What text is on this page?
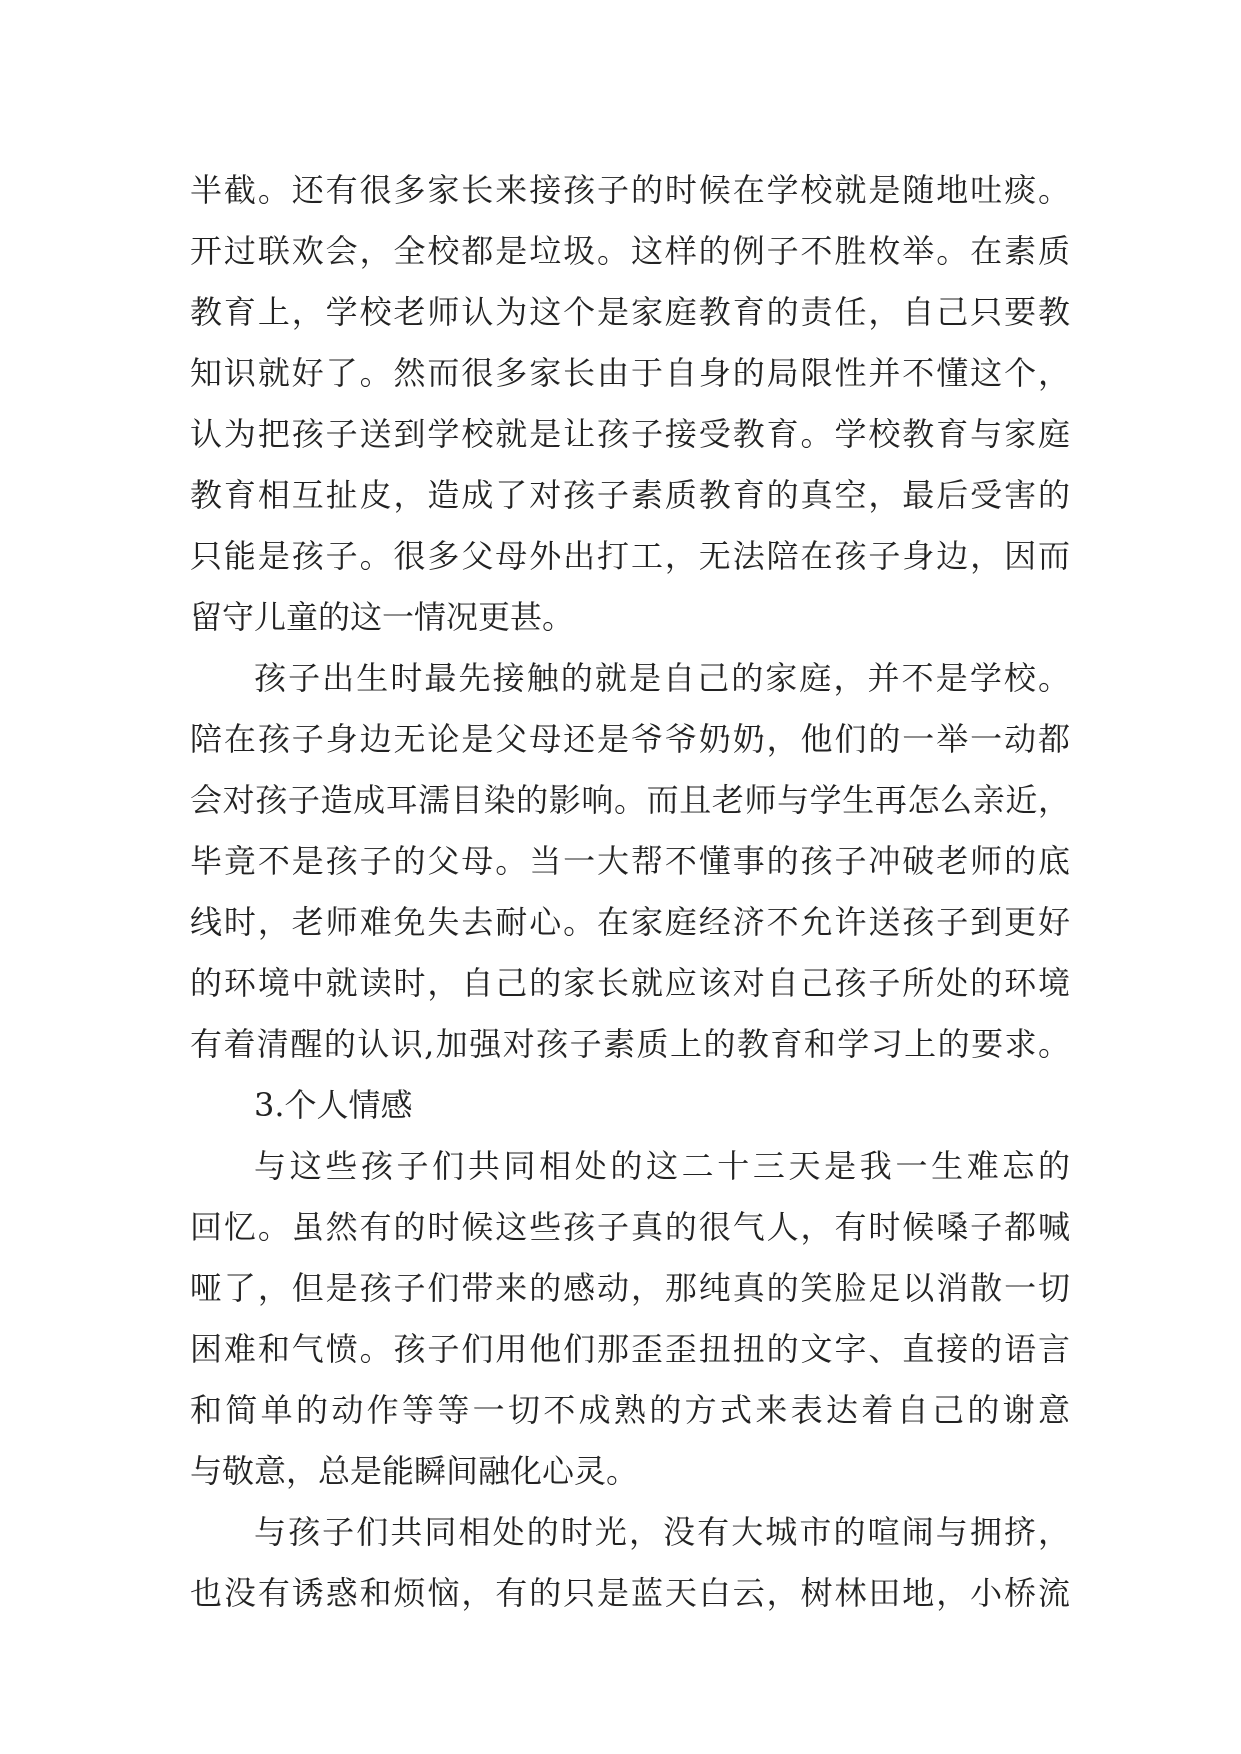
半截。还有很多家长来接孩子的时候在学校就是随地吐痰。
开过联欢会，全校都是垃圾。这样的例子不胜枚举。在素质
教育上，学校老师认为这个是家庭教育的责任，自己只要教
知识就好了。然而很多家长由于自身的局限性并不懂这个，
认为把孩子送到学校就是让孩子接受教育。学校教育与家庭
教育相互扯皮，造成了对孩子素质教育的真空，最后受害的
只能是孩子。很多父母外出打工，无法陪在孩子身边，因而
留守儿童的这一情况更甚。
孩子出生时最先接触的就是自己的家庭，并不是学校。
陪在孩子身边无论是父母还是爷爷奶奶，他们的一举一动都
会对孩子造成耳濡目染的影响。而且老师与学生再怎么亲近，
毕竟不是孩子的父母。当一大帮不懂事的孩子冲破老师的底
线时，老师难免失去耐心。在家庭经济不允许送孩子到更好
的环境中就读时，自己的家长就应该对自己孩子所处的环境
有着清醒的认识,加强对孩子素质上的教育和学习上的要求。
3.个人情感
与这些孩子们共同相处的这二十三天是我一生难忘的
回忆。虽然有的时候这些孩子真的很气人，有时候嗓子都喊
哑了，但是孩子们带来的感动，那纯真的笑脸足以消散一切
困难和气愤。孩子们用他们那歪歪扭扭的文字、直接的语言
和简单的动作等等一切不成熟的方式来表达着自己的谢意
与敬意，总是能瞬间融化心灵。
与孩子们共同相处的时光，没有大城市的喧闹与拥挤，
也没有诱惑和烦恼，有的只是蓝天白云，树林田地，小桥流
